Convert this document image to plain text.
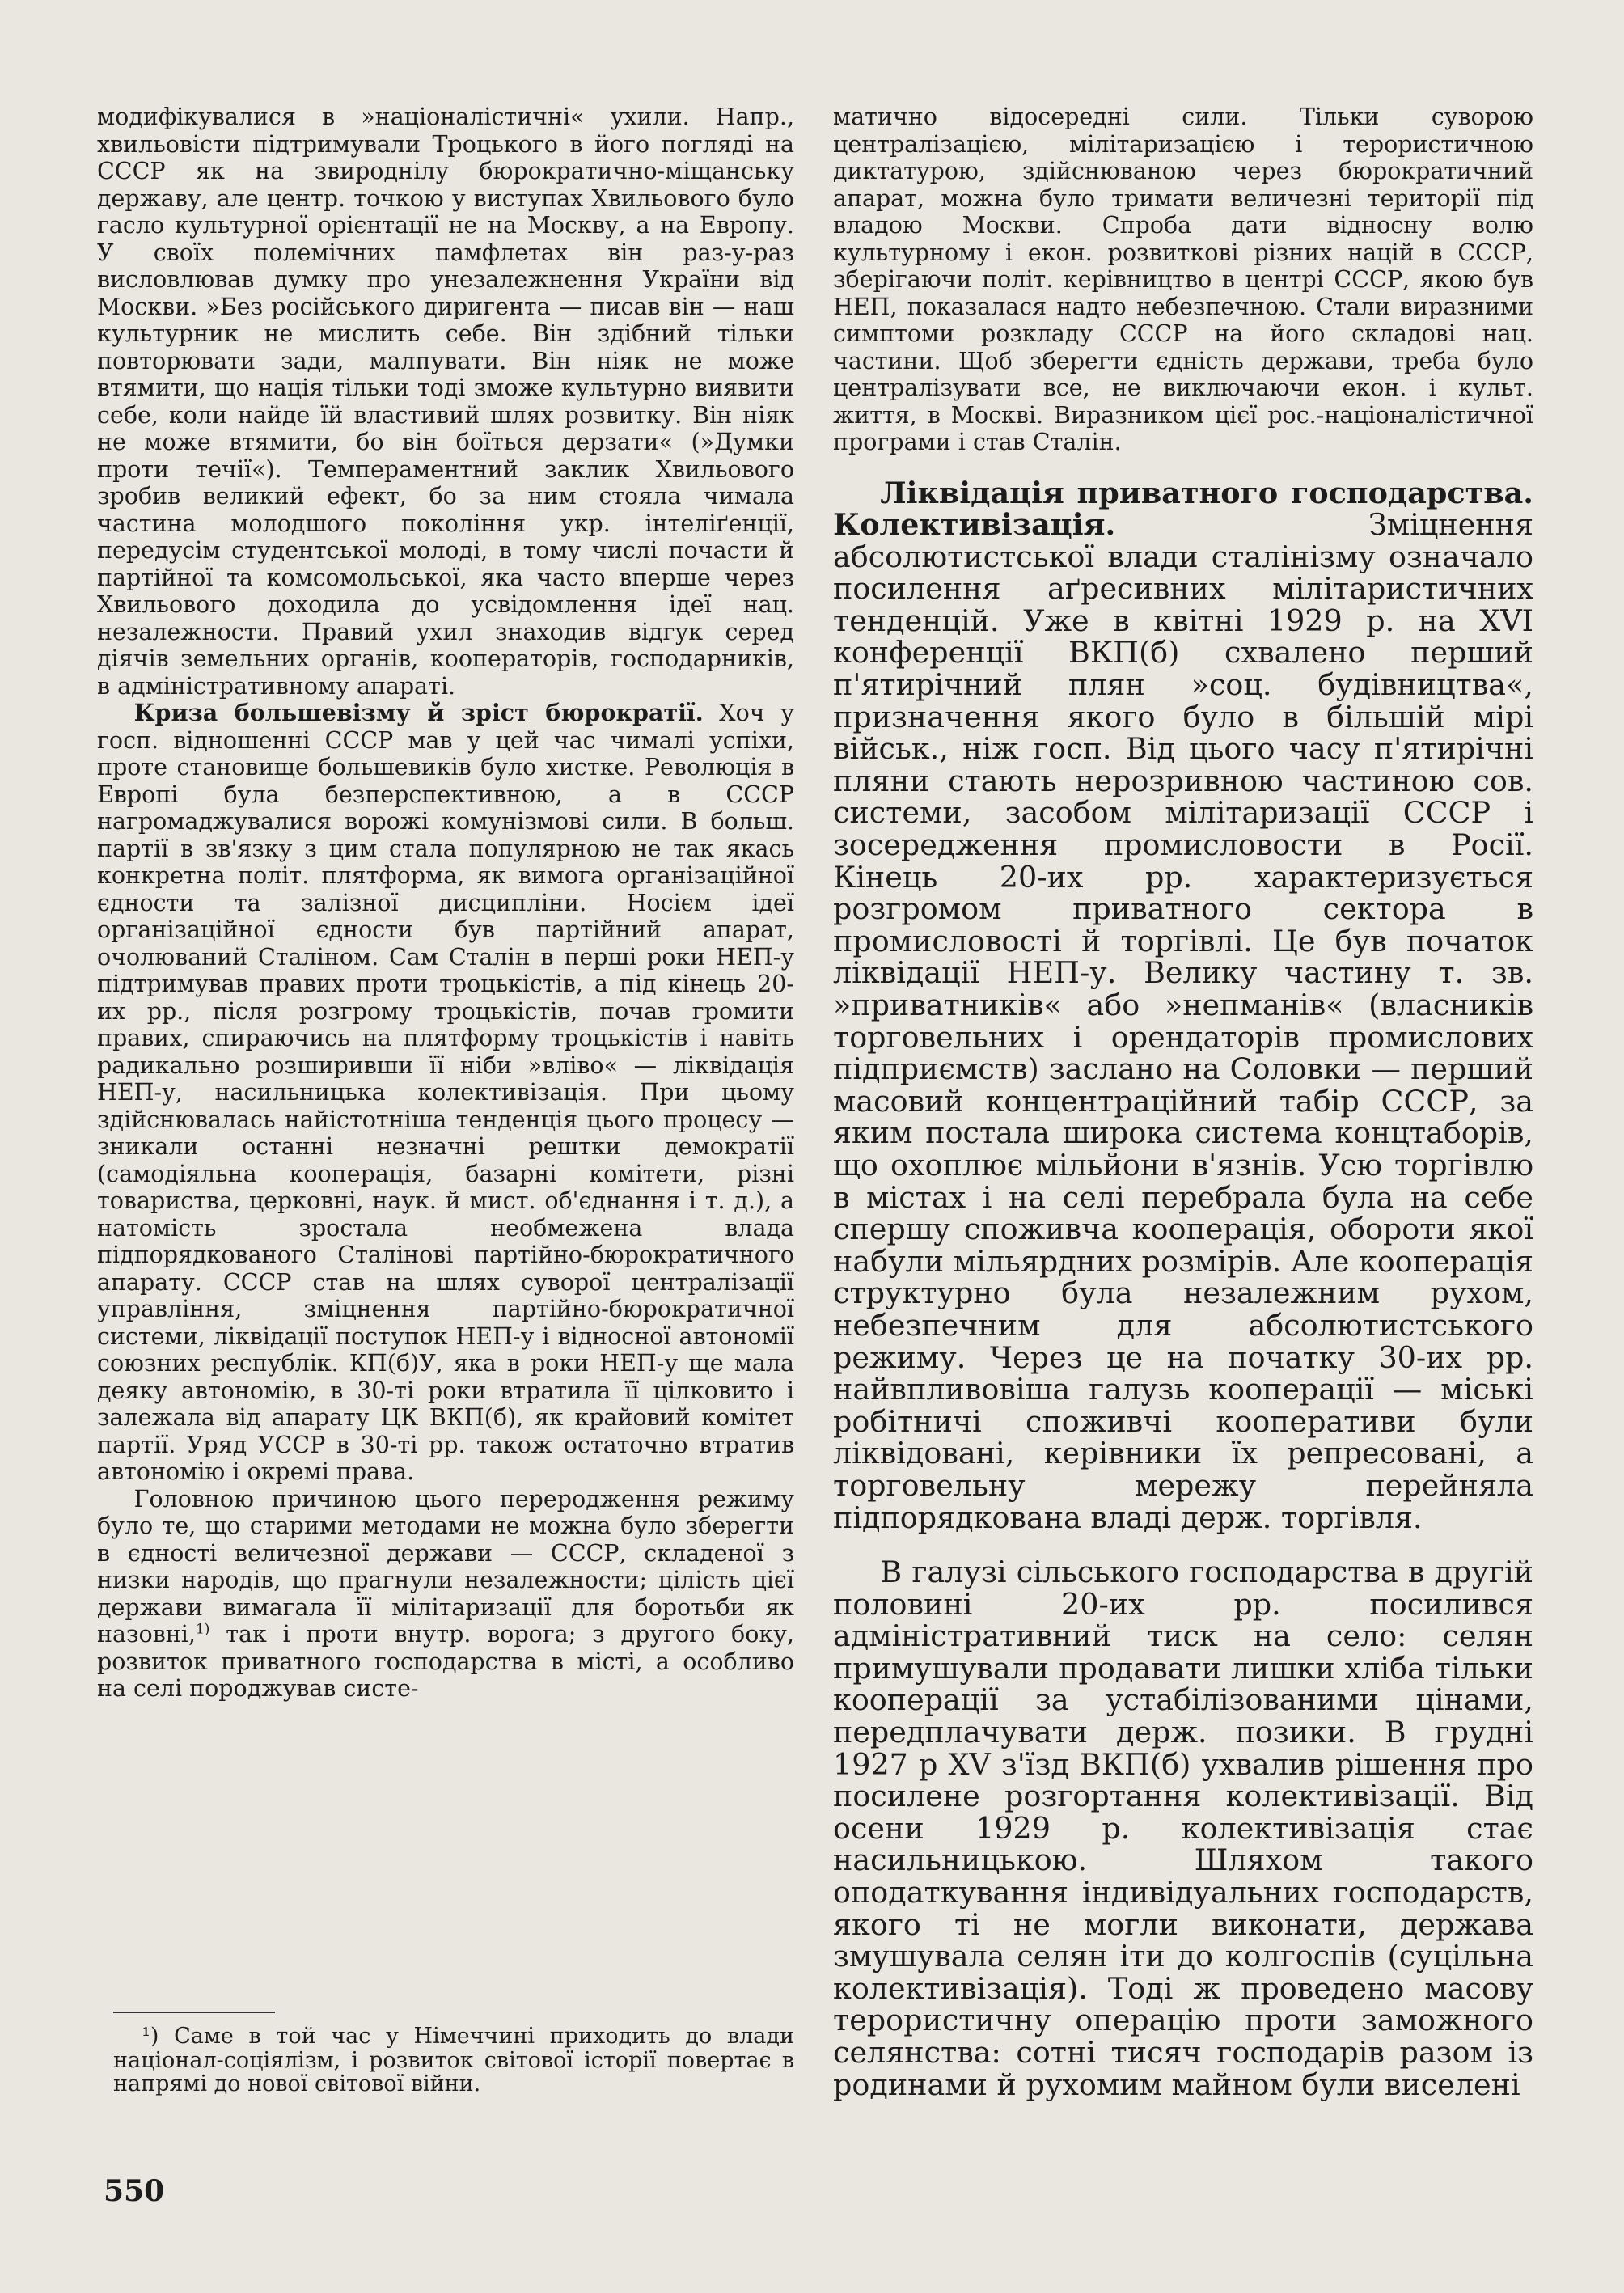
модифікувалися в »націоналістичні« ухили. Напр., хвильовісти підтримували Троцького в його погляді на СССР як на звироднілу бюрократично-міщанську державу, але центр. точкою у виступах Хвильового було гасло культурної орієнтації не на Москву, а на Европу. У своїх полемічних памфлетах він раз-у-раз висловлював думку про унезалежнення України від Москви. »Без російського диригента — писав він — наш культурник не мислить себе. Він здібний тільки повторювати зади, малпувати. Він ніяк не може втямити, що нація тільки тоді зможе культурно виявити себе, коли найде їй властивий шлях розвитку. Він ніяк не може втямити, бо він боїться дерзати« (»Думки проти течії«). Темпераментний заклик Хвильового зробив великий ефект, бо за ним стояла чимала частина молодшого покоління укр. інтеліґенції, передусім студентської молоді, в тому числі почасти й партійної та комсомольської, яка часто вперше через Хвильового доходила до усвідомлення ідеї нац. незалежности. Правий ухил знаходив відгук серед діячів земельних органів, кооператорів, господарників, в адміністративному апараті.

Криза большевізму й зріст бюрократії. Хоч у госп. відношенні СССР мав у цей час чималі успіхи, проте становище большевиків було хистке. Революція в Европі була безперспективною, а в СССР нагромаджувалися ворожі комунізмові сили. В больш. партії в зв'язку з цим стала популярною не так якась конкретна політ. плятформа, як вимога організаційної єдности та залізної дисципліни. Носієм ідеї організаційної єдности був партійний апарат, очолюваний Сталіном. Сам Сталін в перші роки НЕП-у підтримував правих проти троцькістів, а під кінець 20-их рр., після розгрому троцькістів, почав громити правих, спираючись на плятформу троцькістів і навіть радикально розширивши її ніби »вліво« — ліквідація НЕП-у, насильницька колективізація. При цьому здійснювалась найістотніша тенденція цього процесу — зникали останні незначні рештки демократії (самодіяльна кооперація, базарні комітети, різні товариства, церковні, наук. й мист. об'єднання і т. д.), а натомість зростала необмежена влада підпорядкованого Сталінові партійно-бюрократичного апарату. СССР став на шлях суворої централізації управління, зміцнення партійно-бюрократичної системи, ліквідації поступок НЕП-у і відносної автономії союзних республік. КП(б)У, яка в роки НЕП-у ще мала деяку автономію, в 30-ті роки втратила її цілковито і залежала від апарату ЦК ВКП(б), як крайовий комітет партії. Уряд УССР в 30-ті рр. також остаточно втратив автономію і окремі права.

Головною причиною цього переродження режиму було те, що старими методами не можна було зберегти в єдності величезної держави — СССР, складеної з низки народів, що прагнули незалежности; цілість цієї держави вимагала її мілітаризації для боротьби як назовні,$^{1)}$ так і проти внутр. ворога; з другого боку, розвиток приватного господарства в місті, а особливо на селі породжував систе-

матично відосередні сили. Тільки суворою централізацією, мілітаризацією і терористичною диктатурою, здійснюваною через бюрократичний апарат, можна було тримати величезні території під владою Москви. Спроба дати відносну волю культурному і екон. розвиткові різних націй в СССР, зберігаючи політ. керівництво в центрі СССР, якою був НЕП, показалася надто небезпечною. Стали виразними симптоми розкладу СССР на його складові нац. частини. Щоб зберегти єдність держави, треба було централізувати все, не виключаючи екон. і культ. життя, в Москві. Виразником цієї рос.-націоналістичної програми і став Сталін.

Ліквідація приватного господарства. Колективізація. Зміцнення абсолютистської влади сталінізму означало посилення аґресивних мілітаристичних тенденцій. Уже в квітні 1929 р. на XVI конференції ВКП(б) схвалено перший п'ятирічний плян »соц. будівництва«, призначення якого було в більшій мірі військ., ніж госп. Від цього часу п'ятирічні пляни стають нерозривною частиною сов. системи, засобом мілітаризації СССР і зосередження промисловости в Росії. Кінець 20-их рр. характеризується розгромом приватного сектора в промисловості й торгівлі. Це був початок ліквідації НЕП-у. Велику частину т. зв. »приватників« або »непманів« (власників торговельних і орендаторів промислових підприємств) заслано на Соловки — перший масовий концентраційний табір СССР, за яким постала широка система концтаборів, що охоплює мільйони в'язнів. Усю торгівлю в містах і на селі перебрала була на себе спершу споживча кооперація, обороти якої набули мільярдних розмірів. Але кооперація структурно була незалежним рухом, небезпечним для абсолютистського режиму. Через це на початку 30-их рр. найвпливовіша галузь кооперації — міські робітничі споживчі кооперативи були ліквідовані, керівники їх репресовані, а торговельну мережу перейняла підпорядкована владі держ. торгівля.

В галузі сільського господарства в другій половині 20-их рр. посилився адміністративний тиск на село: селян примушували продавати лишки хліба тільки кооперації за устабілізованими цінами, передплачувати держ. позики. В грудні 1927 р XV з'їзд ВКП(б) ухвалив рішення про посилене розгортання колективізації. Від осени 1929 р. колективізація стає насильницькою. Шляхом такого оподаткування індивідуальних господарств, якого ті не могли виконати, держава змушувала селян іти до колгоспів (суцільна колективізація). Тоді ж проведено масову терористичну операцію проти заможного селянства: сотні тисяч господарів разом із родинами й рухомим майном були виселені

¹) Саме в той час у Німеччині приходить до влади націонал-соціялізм, і розвиток світової історії повертає в напрямі до нової світової війни.
550
